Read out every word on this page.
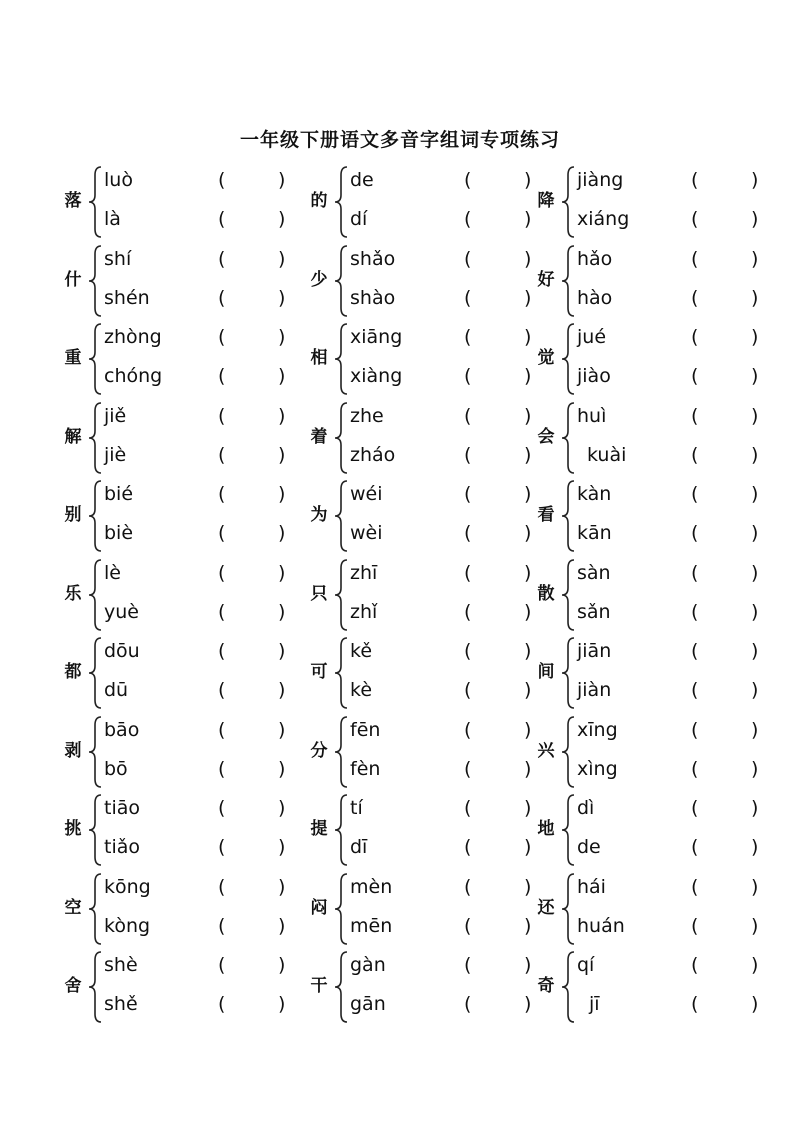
一年级下册语文多音字组词专项练习
落
luò	(	)
là	(	)
的
de	(	)
dí	(	)
降
jiàng	(	)
xiáng	(	)
什
shí	(	)
shén	(	)
少
shǎo	(	)
shào	(	)
好
hǎo	(	)
hào	(	)
重
zhòng	(	)
chóng	(	)
相
xiāng	(	)
xiàng	(	)
觉
jué	(	)
jiào	(	)
解
jiě	(	)
jiè	(	)
着
zhe	(	)
zháo	(	)
会
huì	(	)
kuài	(	)
别
bié	(	)
biè	(	)
为
wéi	(	)
wèi	(	)
看
kàn	(	)
kān	(	)
乐
lè	(	)
yuè	(	)
只
zhī	(	)
zhǐ	(	)
散
sàn	(	)
sǎn	(	)
都
dōu	(	)
dū	(	)
可
kě	(	)
kè	(	)
间
jiān	(	)
jiàn	(	)
剥
bāo	(	)
bō	(	)
分
fēn	(	)
fèn	(	)
兴
xīng	(	)
xìng	(	)
挑
tiāo	(	)
tiǎo	(	)
提
tí	(	)
dī	(	)
地
dì	(	)
de	(	)
空
kōng	(	)
kòng	(	)
闷
mèn	(	)
mēn	(	)
还
hái	(	)
huán	(	)
舍
shè	(	)
shě	(	)
干
gàn	(	)
gān	(	)
奇
qí	(	)
jī	(	)
